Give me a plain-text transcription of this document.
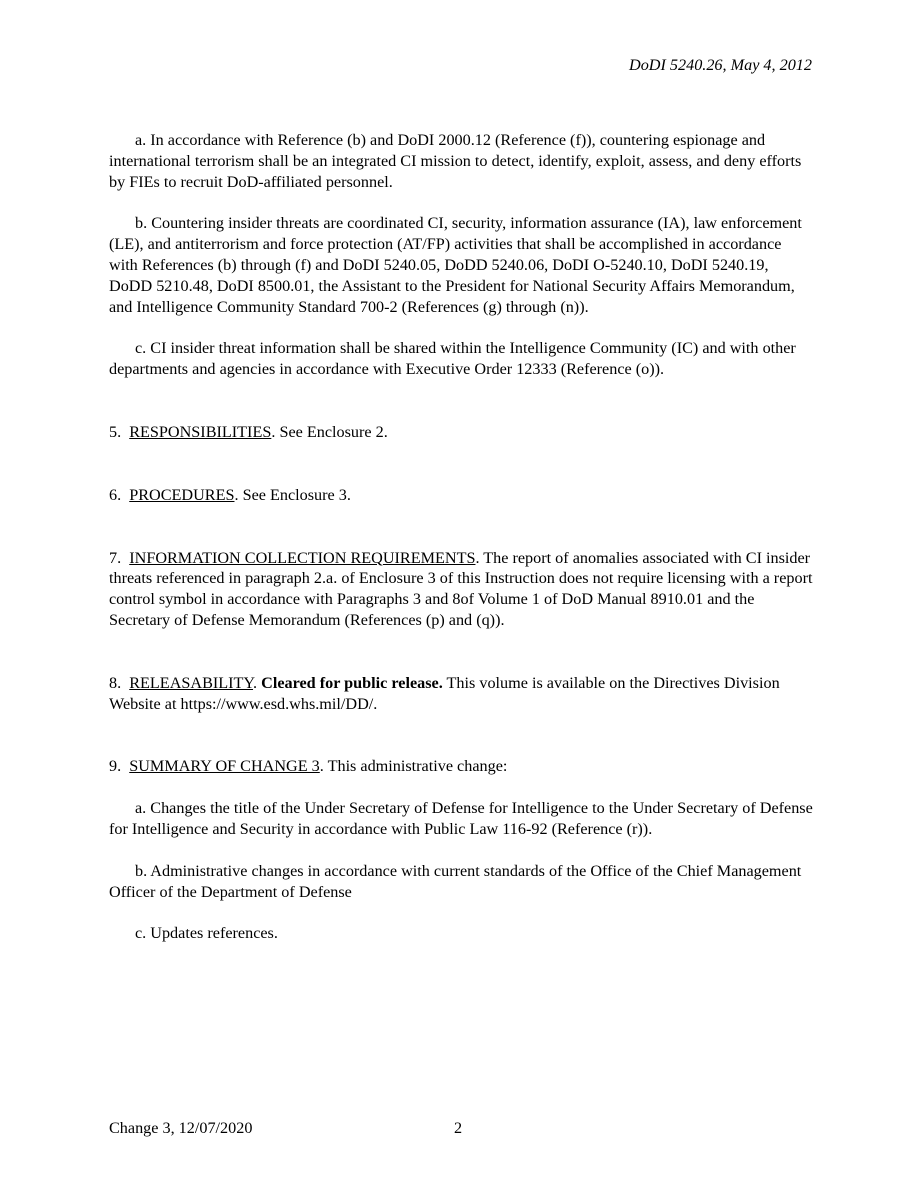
DoDI 5240.26, May 4, 2012

a. In accordance with Reference (b) and DoDI 2000.12 (Reference (f)), countering espionage and international terrorism shall be an integrated CI mission to detect, identify, exploit, assess, and deny efforts by FIEs to recruit DoD-affiliated personnel.

b. Countering insider threats are coordinated CI, security, information assurance (IA), law enforcement (LE), and antiterrorism and force protection (AT/FP) activities that shall be accomplished in accordance with References (b) through (f) and DoDI 5240.05, DoDD 5240.06, DoDI O-5240.10, DoDI 5240.19, DoDD 5210.48, DoDI 8500.01, the Assistant to the President for National Security Affairs Memorandum, and Intelligence Community Standard 700-2 (References (g) through (n)).

c. CI insider threat information shall be shared within the Intelligence Community (IC) and with other departments and agencies in accordance with Executive Order 12333 (Reference (o)).

5. RESPONSIBILITIES. See Enclosure 2.

6. PROCEDURES. See Enclosure 3.

7. INFORMATION COLLECTION REQUIREMENTS. The report of anomalies associated with CI insider threats referenced in paragraph 2.a. of Enclosure 3 of this Instruction does not require licensing with a report control symbol in accordance with Paragraphs 3 and 8of Volume 1 of DoD Manual 8910.01 and the Secretary of Defense Memorandum (References (p) and (q)).

8. RELEASABILITY. Cleared for public release. This volume is available on the Directives Division Website at https://www.esd.whs.mil/DD/.

9. SUMMARY OF CHANGE 3. This administrative change:

a. Changes the title of the Under Secretary of Defense for Intelligence to the Under Secretary of Defense for Intelligence and Security in accordance with Public Law 116-92 (Reference (r)).

b. Administrative changes in accordance with current standards of the Office of the Chief Management Officer of the Department of Defense

c. Updates references.

Change 3, 12/07/2020	2
